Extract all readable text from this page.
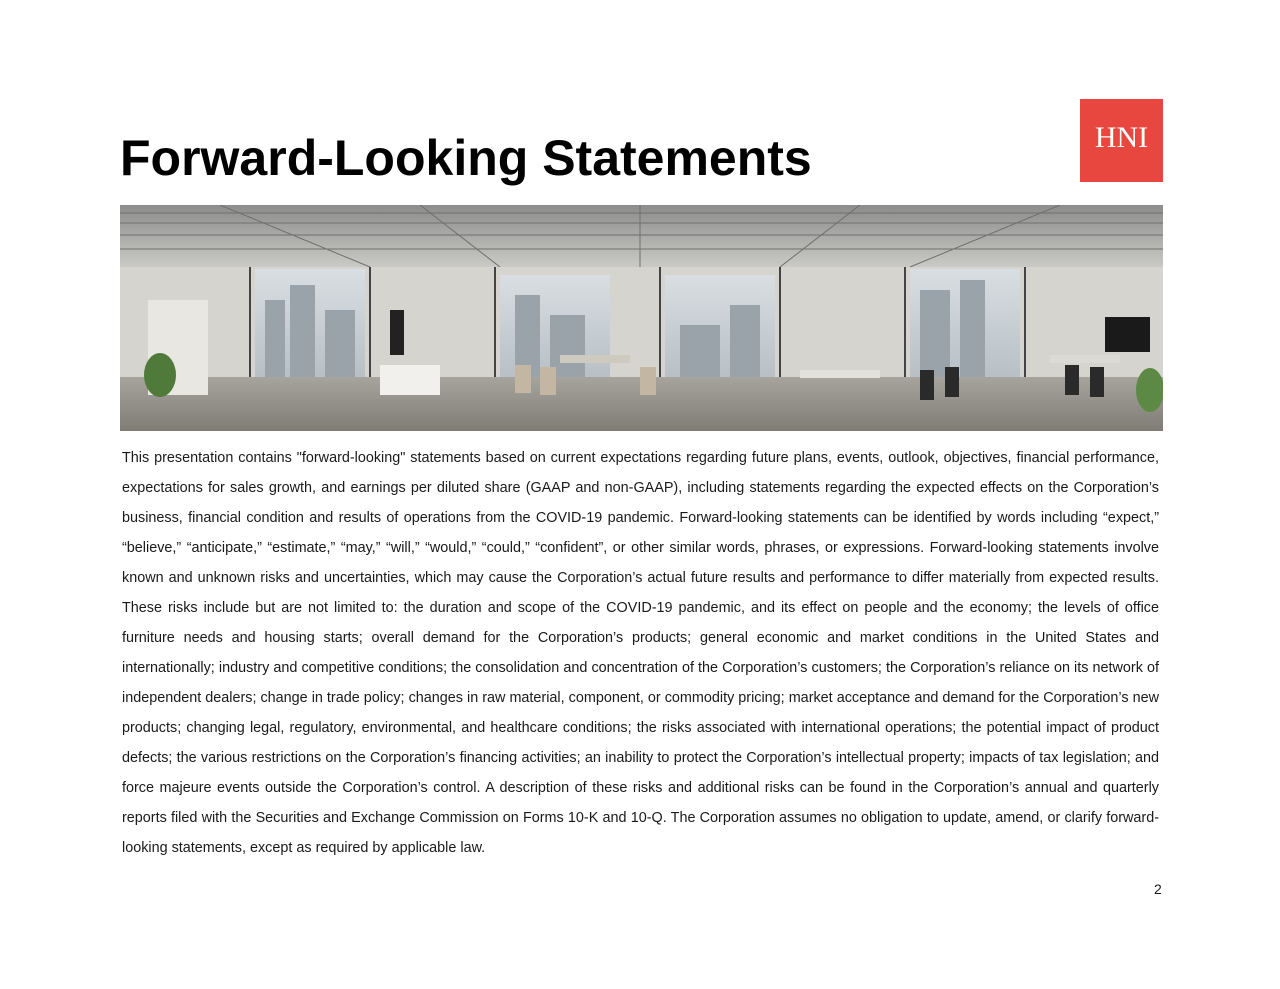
Forward-Looking Statements	HNI

This presentation contains "forward-looking" statements based on current expectations regarding future plans, events, outlook, objectives, financial performance, expectations for sales growth, and earnings per diluted share (GAAP and non-GAAP), including statements regarding the expected effects on the Corporation’s business, financial condition and results of operations from the COVID-19 pandemic. Forward-looking statements can be identified by words including “expect,” “believe,” “anticipate,” “estimate,” “may,” “will,” “would,” “could,” “confident”, or other similar words, phrases, or expressions. Forward-looking statements involve known and unknown risks and uncertainties, which may cause the Corporation’s actual future results and performance to differ materially from expected results. These risks include but are not limited to: the duration and scope of the COVID-19 pandemic, and its effect on people and the economy; the levels of office furniture needs and housing starts; overall demand for the Corporation’s products; general economic and market conditions in the United States and internationally; industry and competitive conditions; the consolidation and concentration of the Corporation’s customers; the Corporation’s reliance on its network of independent dealers; change in trade policy; changes in raw material, component, or commodity pricing; market acceptance and demand for the Corporation’s new products; changing legal, regulatory, environmental, and healthcare conditions; the risks associated with international operations; the potential impact of product defects; the various restrictions on the Corporation’s financing activities; an inability to protect the Corporation’s intellectual property; impacts of tax legislation; and force majeure events outside the Corporation’s control. A description of these risks and additional risks can be found in the Corporation’s annual and quarterly reports filed with the Securities and Exchange Commission on Forms 10-K and 10-Q. The Corporation assumes no obligation to update, amend, or clarify forward-looking statements, except as required by applicable law.

2
